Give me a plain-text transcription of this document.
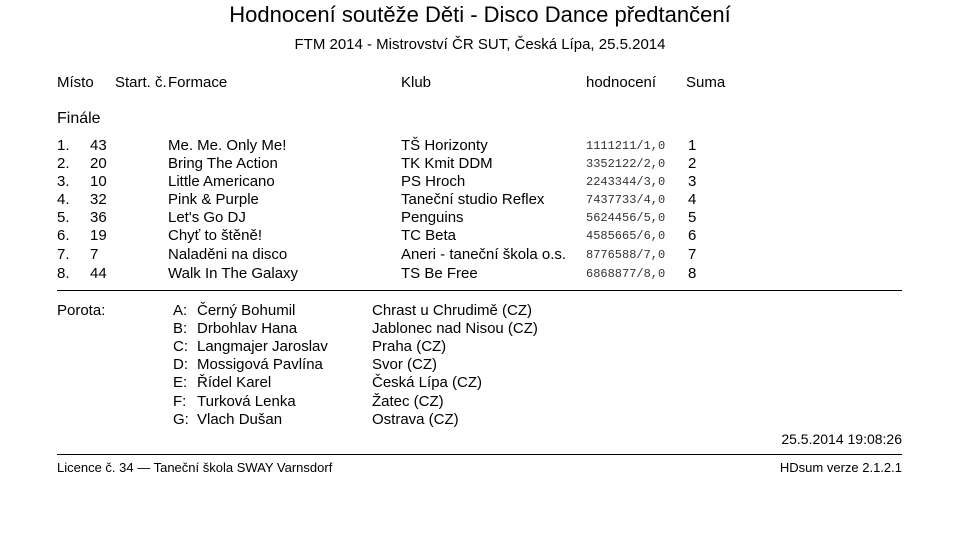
Hodnocení soutěže Děti - Disco Dance předtančení
FTM 2014 - Mistrovství ČR SUT, Česká Lípa, 25.5.2014
Místo Start. č. Formace	Klub	hodnocení Suma
Finále
1. 43	Me. Me. Only Me!	TŠ Horizonty	1111211/1,0 1
2. 20	Bring The Action	TK Kmit DDM	3352122/2,0 2
3. 10	Little Americano	PS Hroch	2243344/3,0 3
4. 32	Pink & Purple	Taneční studio Reflex	7437733/4,0 4
5. 36	Let's Go DJ	Penguins	5624456/5,0 5
6. 19	Chyť to štěně!	TC Beta	4585665/6,0 6
7. 7	Naladěni na disco	Aneri - taneční škola o.s. 8776588/7,0 7
8. 44	Walk In The Galaxy	TS Be Free	6868877/8,0 8
Porota:	A: Černý Bohumil	Chrast u Chrudimě (CZ)
B: Drbohlav Hana	Jablonec nad Nisou (CZ)
C: Langmajer Jaroslav	Praha (CZ)
D: Mossigová Pavlína	Svor (CZ)
E: Řídel Karel	Česká Lípa (CZ)
F: Turková Lenka	Žatec (CZ)
G: Vlach Dušan	Ostrava (CZ)
25.5.2014 19:08:26
Licence č. 34 — Taneční škola SWAY Varnsdorf	HDsum verze 2.1.2.1
